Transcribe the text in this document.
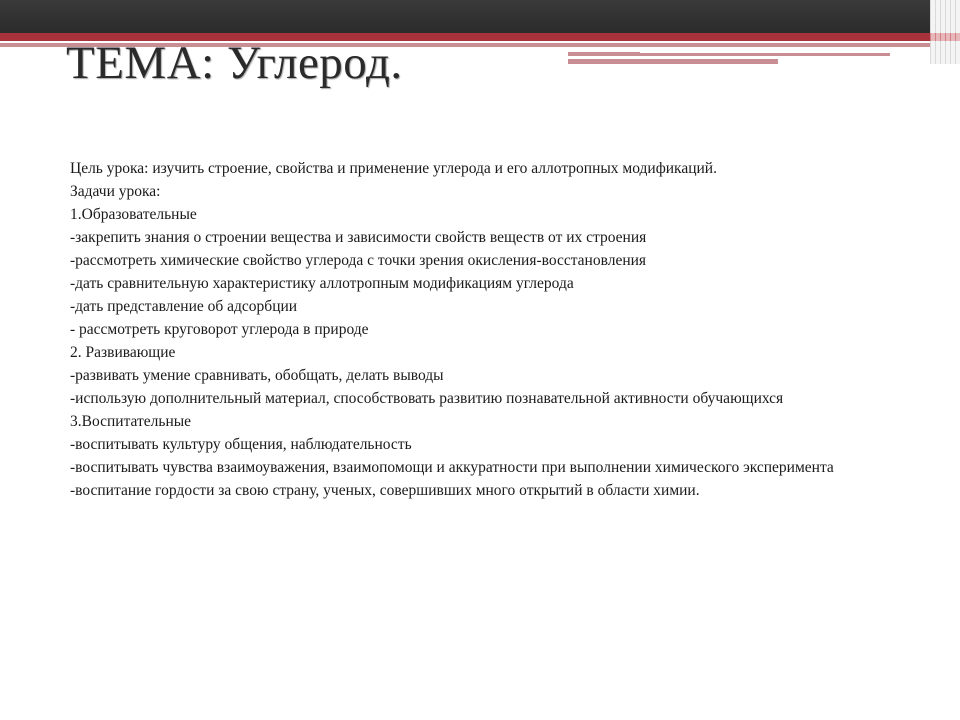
ТЕМА: Углерод.

Цель урока: изучить строение, свойства и применение углерода и его аллотропных модификаций.

Задачи урока:

1.Образовательные

-закрепить знания о строении вещества и зависимости свойств веществ от их строения

-рассмотреть химические свойство углерода с точки зрения окисления-восстановления

-дать сравнительную характеристику аллотропным модификациям углерода

-дать представление об адсорбции

- рассмотреть круговорот углерода в природе

2. Развивающие

-развивать умение сравнивать, обобщать, делать выводы

-использую дополнительный материал, способствовать развитию познавательной активности обучающихся

3.Воспитательные

-воспитывать культуру общения, наблюдательность

-воспитывать чувства взаимоуважения, взаимопомощи и аккуратности при выполнении химического эксперимента

-воспитание гордости за свою страну, ученых, совершивших много открытий в области химии.
